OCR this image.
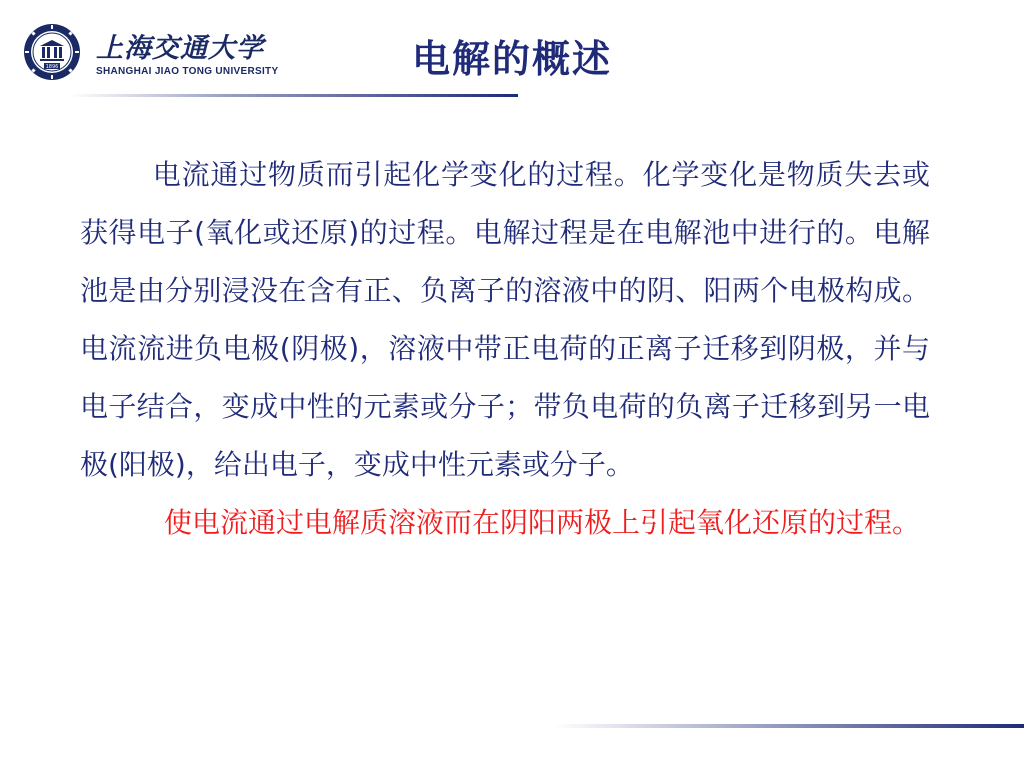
1896
上海交通大学
SHANGHAI JIAO TONG UNIVERSITY	电解的概述

电流通过物质而引起化学变化的过程。化学变化是物质失去或获得电子(氧化或还原)的过程。电解过程是在电解池中进行的。电解池是由分别浸没在含有正、负离子的溶液中的阴、阳两个电极构成。电流流进负电极(阴极)，溶液中带正电荷的正离子迁移到阴极，并与电子结合，变成中性的元素或分子；带负电荷的负离子迁移到另一电极(阳极)，给出电子，变成中性元素或分子。

使电流通过电解质溶液而在阴阳两极上引起氧化还原的过程。
